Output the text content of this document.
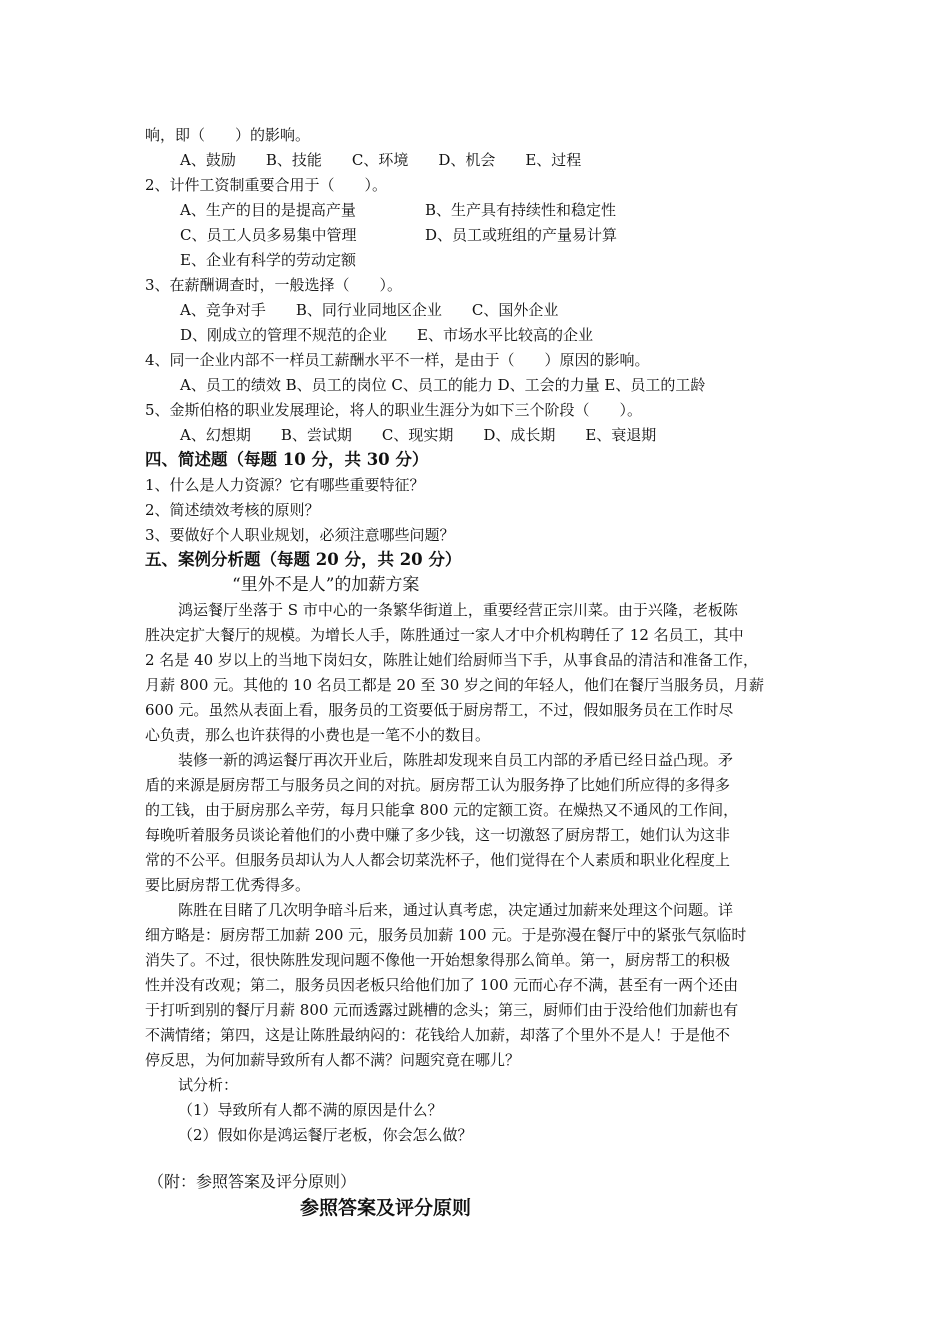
响，即（　　）的影响。
A、鼓励　　B、技能　　C、环境　　D、机会　　E、过程
2、计件工资制重要合用于（　　）。
A、生产的目的是提高产量	B、生产具有持续性和稳定性
C、员工人员多易集中管理	D、员工或班组的产量易计算
E、企业有科学的劳动定额
3、在薪酬调查时，一般选择（　　）。
A、竞争对手　　B、同行业同地区企业　　C、国外企业
D、刚成立的管理不规范的企业　　E、市场水平比较高的企业
4、同一企业内部不一样员工薪酬水平不一样，是由于（　　）原因的影响。
A、员工的绩效 B、员工的岗位 C、员工的能力 D、工会的力量 E、员工的工龄
5、金斯伯格的职业发展理论，将人的职业生涯分为如下三个阶段（　　）。
A、幻想期　　B、尝试期　　C、现实期　　D、成长期　　E、衰退期
四、简述题（每题 10 分，共 30 分）
1、什么是人力资源？它有哪些重要特征？
2、简述绩效考核的原则？
3、要做好个人职业规划，必须注意哪些问题？
五、案例分析题（每题 20 分，共 20 分）
“里外不是人”的加薪方案
鸿运餐厅坐落于 S 市中心的一条繁华街道上，重要经营正宗川菜。由于兴隆，老板陈
胜决定扩大餐厅的规模。为增长人手，陈胜通过一家人才中介机构聘任了 12 名员工，其中
2 名是 40 岁以上的当地下岗妇女，陈胜让她们给厨师当下手，从事食品的清洁和准备工作，
月薪 800 元。其他的 10 名员工都是 20 至 30 岁之间的年轻人，他们在餐厅当服务员，月薪
600 元。虽然从表面上看，服务员的工资要低于厨房帮工，不过，假如服务员在工作时尽
心负责，那么也许获得的小费也是一笔不小的数目。
装修一新的鸿运餐厅再次开业后，陈胜却发现来自员工内部的矛盾已经日益凸现。矛
盾的来源是厨房帮工与服务员之间的对抗。厨房帮工认为服务挣了比她们所应得的多得多
的工钱，由于厨房那么辛劳，每月只能拿 800 元的定额工资。在燥热又不通风的工作间，
每晚听着服务员谈论着他们的小费中赚了多少钱，这一切激怒了厨房帮工，她们认为这非
常的不公平。但服务员却认为人人都会切菜洗杯子，他们觉得在个人素质和职业化程度上
要比厨房帮工优秀得多。
陈胜在目睹了几次明争暗斗后来，通过认真考虑，决定通过加薪来处理这个问题。详
细方略是：厨房帮工加薪 200 元，服务员加薪 100 元。于是弥漫在餐厅中的紧张气氛临时
消失了。不过，很快陈胜发现问题不像他一开始想象得那么简单。第一，厨房帮工的积极
性并没有改观；第二，服务员因老板只给他们加了 100 元而心存不满，甚至有一两个还由
于打听到别的餐厅月薪 800 元而透露过跳槽的念头；第三，厨师们由于没给他们加薪也有
不满情绪；第四，这是让陈胜最纳闷的：花钱给人加薪，却落了个里外不是人！于是他不
停反思，为何加薪导致所有人都不满？问题究竟在哪儿？
试分析：
（1）导致所有人都不满的原因是什么？
（2）假如你是鸿运餐厅老板，你会怎么做？
（附：参照答案及评分原则）
参照答案及评分原则
